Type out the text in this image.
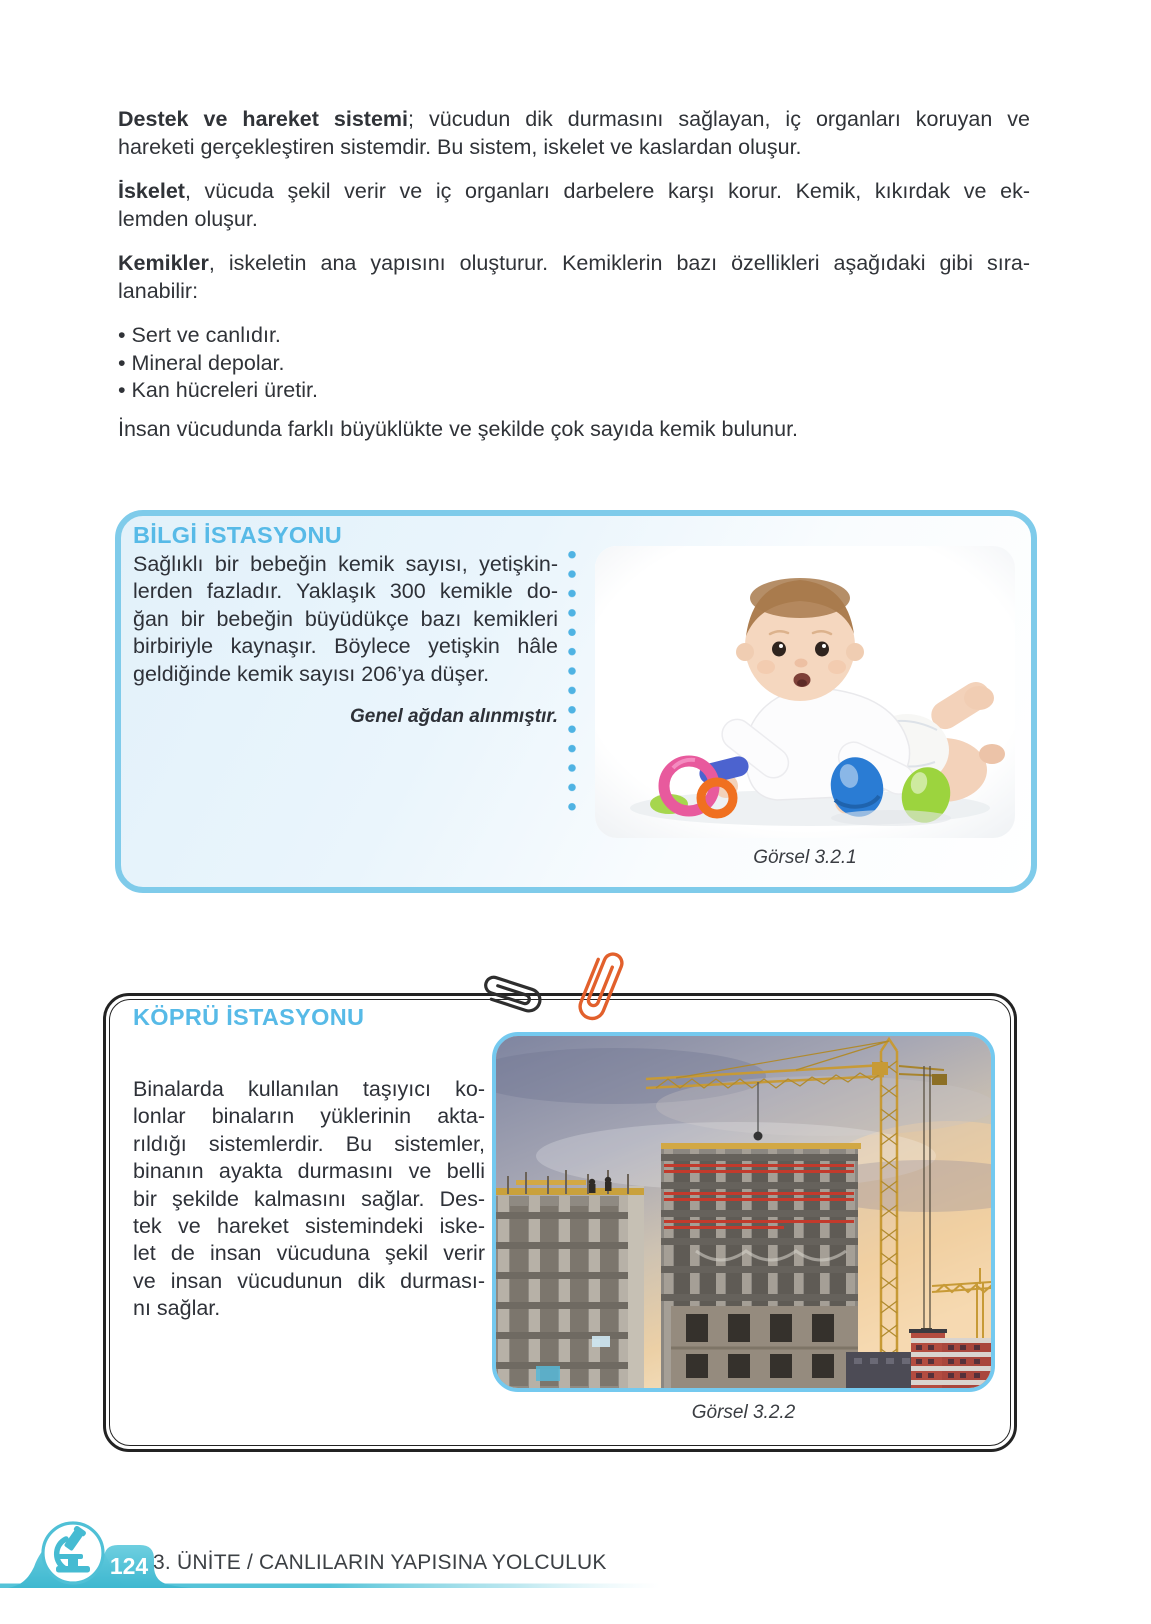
Destek ve hareket sistemi; vücudun dik durmasını sağlayan, iç organları koruyan ve
hareketi gerçekleştiren sistemdir. Bu sistem, iskelet ve kaslardan oluşur.
İskelet, vücuda şekil verir ve iç organları darbelere karşı korur. Kemik, kıkırdak ve ek-
lemden oluşur.
Kemikler, iskeletin ana yapısını oluşturur. Kemiklerin bazı özellikleri aşağıdaki gibi sıra-
lanabilir:
• Sert ve canlıdır.
• Mineral depolar.
• Kan hücreleri üretir.
İnsan vücudunda farklı büyüklükte ve şekilde çok sayıda kemik bulunur.
BİLGİ İSTASYONU
Sağlıklı bir bebeğin kemik sayısı, yetişkin-
lerden fazladır. Yaklaşık 300 kemikle do-
ğan bir bebeğin büyüdükçe bazı kemikleri
birbiriyle kaynaşır. Böylece yetişkin hâle
geldiğinde kemik sayısı 206’ya düşer.
Genel ağdan alınmıştır.
Görsel 3.2.1
KÖPRÜ İSTASYONU
Binalarda kullanılan taşıyıcı ko-
lonlar binaların yüklerinin akta-
rıldığı sistemlerdir. Bu sistemler,
binanın ayakta durmasını ve belli
bir şekilde kalmasını sağlar. Des-
tek ve hareket sistemindeki iske-
let de insan vücuduna şekil verir
ve insan vücudunun dik durması-
nı sağlar.
Görsel 3.2.2
124 3. ÜNİTE / CANLILARIN YAPISINA YOLCULUK
